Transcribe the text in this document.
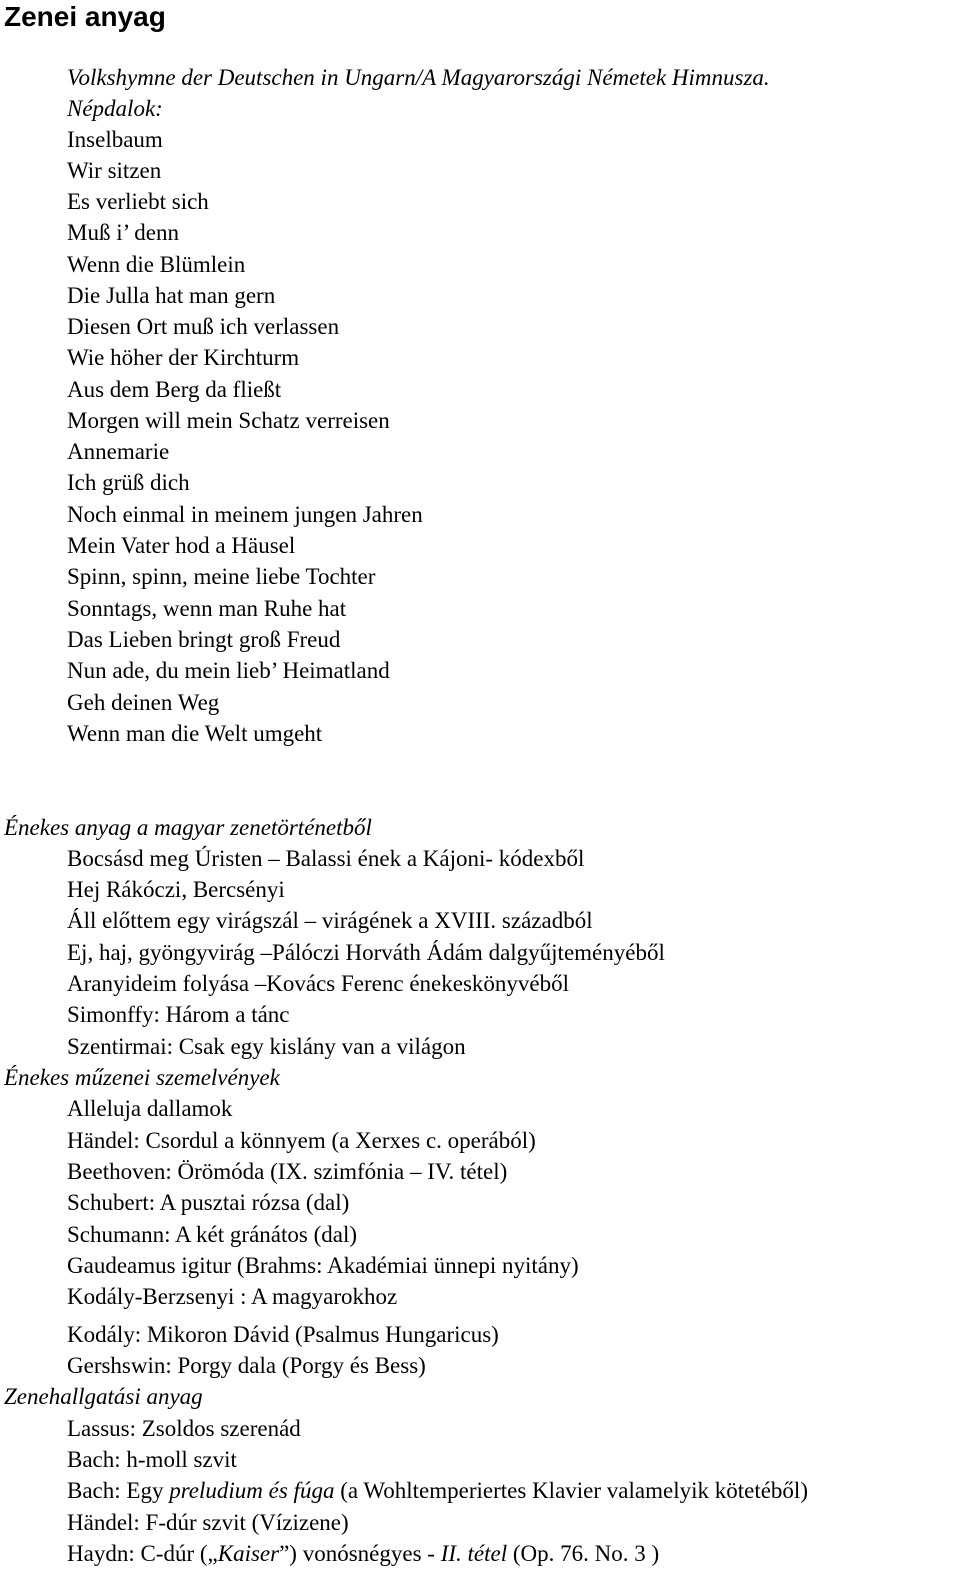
Zenei anyag

Volkshymne der Deutschen in Ungarn/A Magyarországi Németek Himnusza.

Népdalok:

Inselbaum

Wir sitzen

Es verliebt sich

Muß i’ denn

Wenn die Blümlein

Die Julla hat man gern

Diesen Ort muß ich verlassen

Wie höher der Kirchturm

Aus dem Berg da fließt

Morgen will mein Schatz verreisen

Annemarie

Ich grüß dich

Noch einmal in meinem jungen Jahren

Mein Vater hod a Häusel

Spinn, spinn, meine liebe Tochter

Sonntags, wenn man Ruhe hat

Das Lieben bringt groß Freud

Nun ade, du mein lieb’ Heimatland

Geh deinen Weg

Wenn man die Welt umgeht

Énekes anyag a magyar zenetörténetből

Bocsásd meg Úristen – Balassi ének a Kájoni- kódexből

Hej Rákóczi, Bercsényi

Áll előttem egy virágszál – virágének a XVIII. századból

Ej, haj, gyöngyvirág –Pálóczi Horváth Ádám dalgyűjteményéből

Aranyideim folyása –Kovács Ferenc énekeskönyvéből

Simonffy: Három a tánc

Szentirmai: Csak egy kislány van a világon

Énekes műzenei szemelvények

Alleluja dallamok

Händel: Csordul a könnyem (a Xerxes c. operából)

Beethoven: Örömóda (IX. szimfónia – IV. tétel)

Schubert: A pusztai rózsa (dal)

Schumann: A két gránátos (dal)

Gaudeamus igitur (Brahms: Akadémiai ünnepi nyitány)

Kodály-Berzsenyi : A magyarokhoz

Kodály: Mikoron Dávid (Psalmus Hungaricus)

Gershswin: Porgy dala (Porgy és Bess)

Zenehallgatási anyag

Lassus: Zsoldos szerenád

Bach: h-moll szvit

Bach: Egy preludium és fúga (a Wohltemperiertes Klavier valamelyik kötetéből)

Händel: F-dúr szvit (Vízizene)

Haydn: C-dúr („Kaiser”) vonósnégyes - II. tétel (Op. 76. No. 3 )
